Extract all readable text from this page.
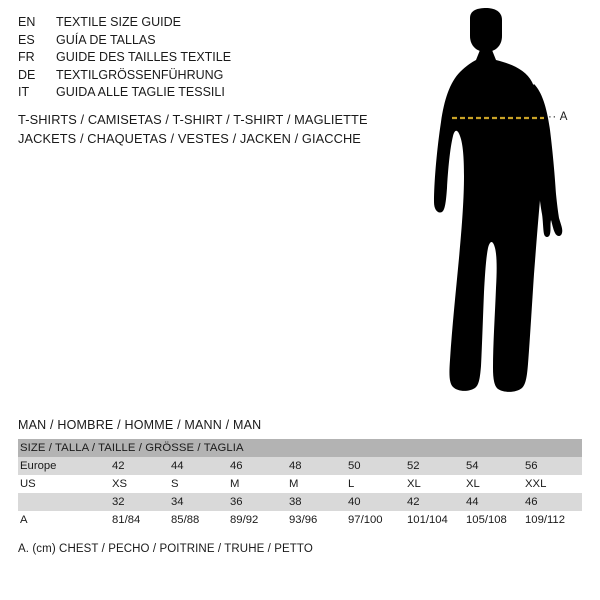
EN	TEXTILE SIZE GUIDE
ES	GUÍA DE TALLAS
FR	GUIDE DES TAILLES TEXTILE
DE	TEXTILGRÖSSENFÜHRUNG
IT	GUIDA ALLE TAGLIE TESSILI
T-SHIRTS / CAMISETAS / T-SHIRT / T-SHIRT / MAGLIETTE
JACKETS / CHAQUETAS / VESTES / JACKEN / GIACCHE
·· A
MAN / HOMBRE / HOMME / MANN / MAN
SIZE / TALLA / TAILLE / GRÖSSE / TAGLIA								
Europe	42	44	46	48	50	52	54	56
US	XS	S	M	M	L	XL	XL	XXL
	32	34	36	38	40	42	44	46
A	81/84	85/88	89/92	93/96	97/100	101/104	105/108	109/112
A. (cm) CHEST / PECHO / POITRINE / TRUHE / PETTO
